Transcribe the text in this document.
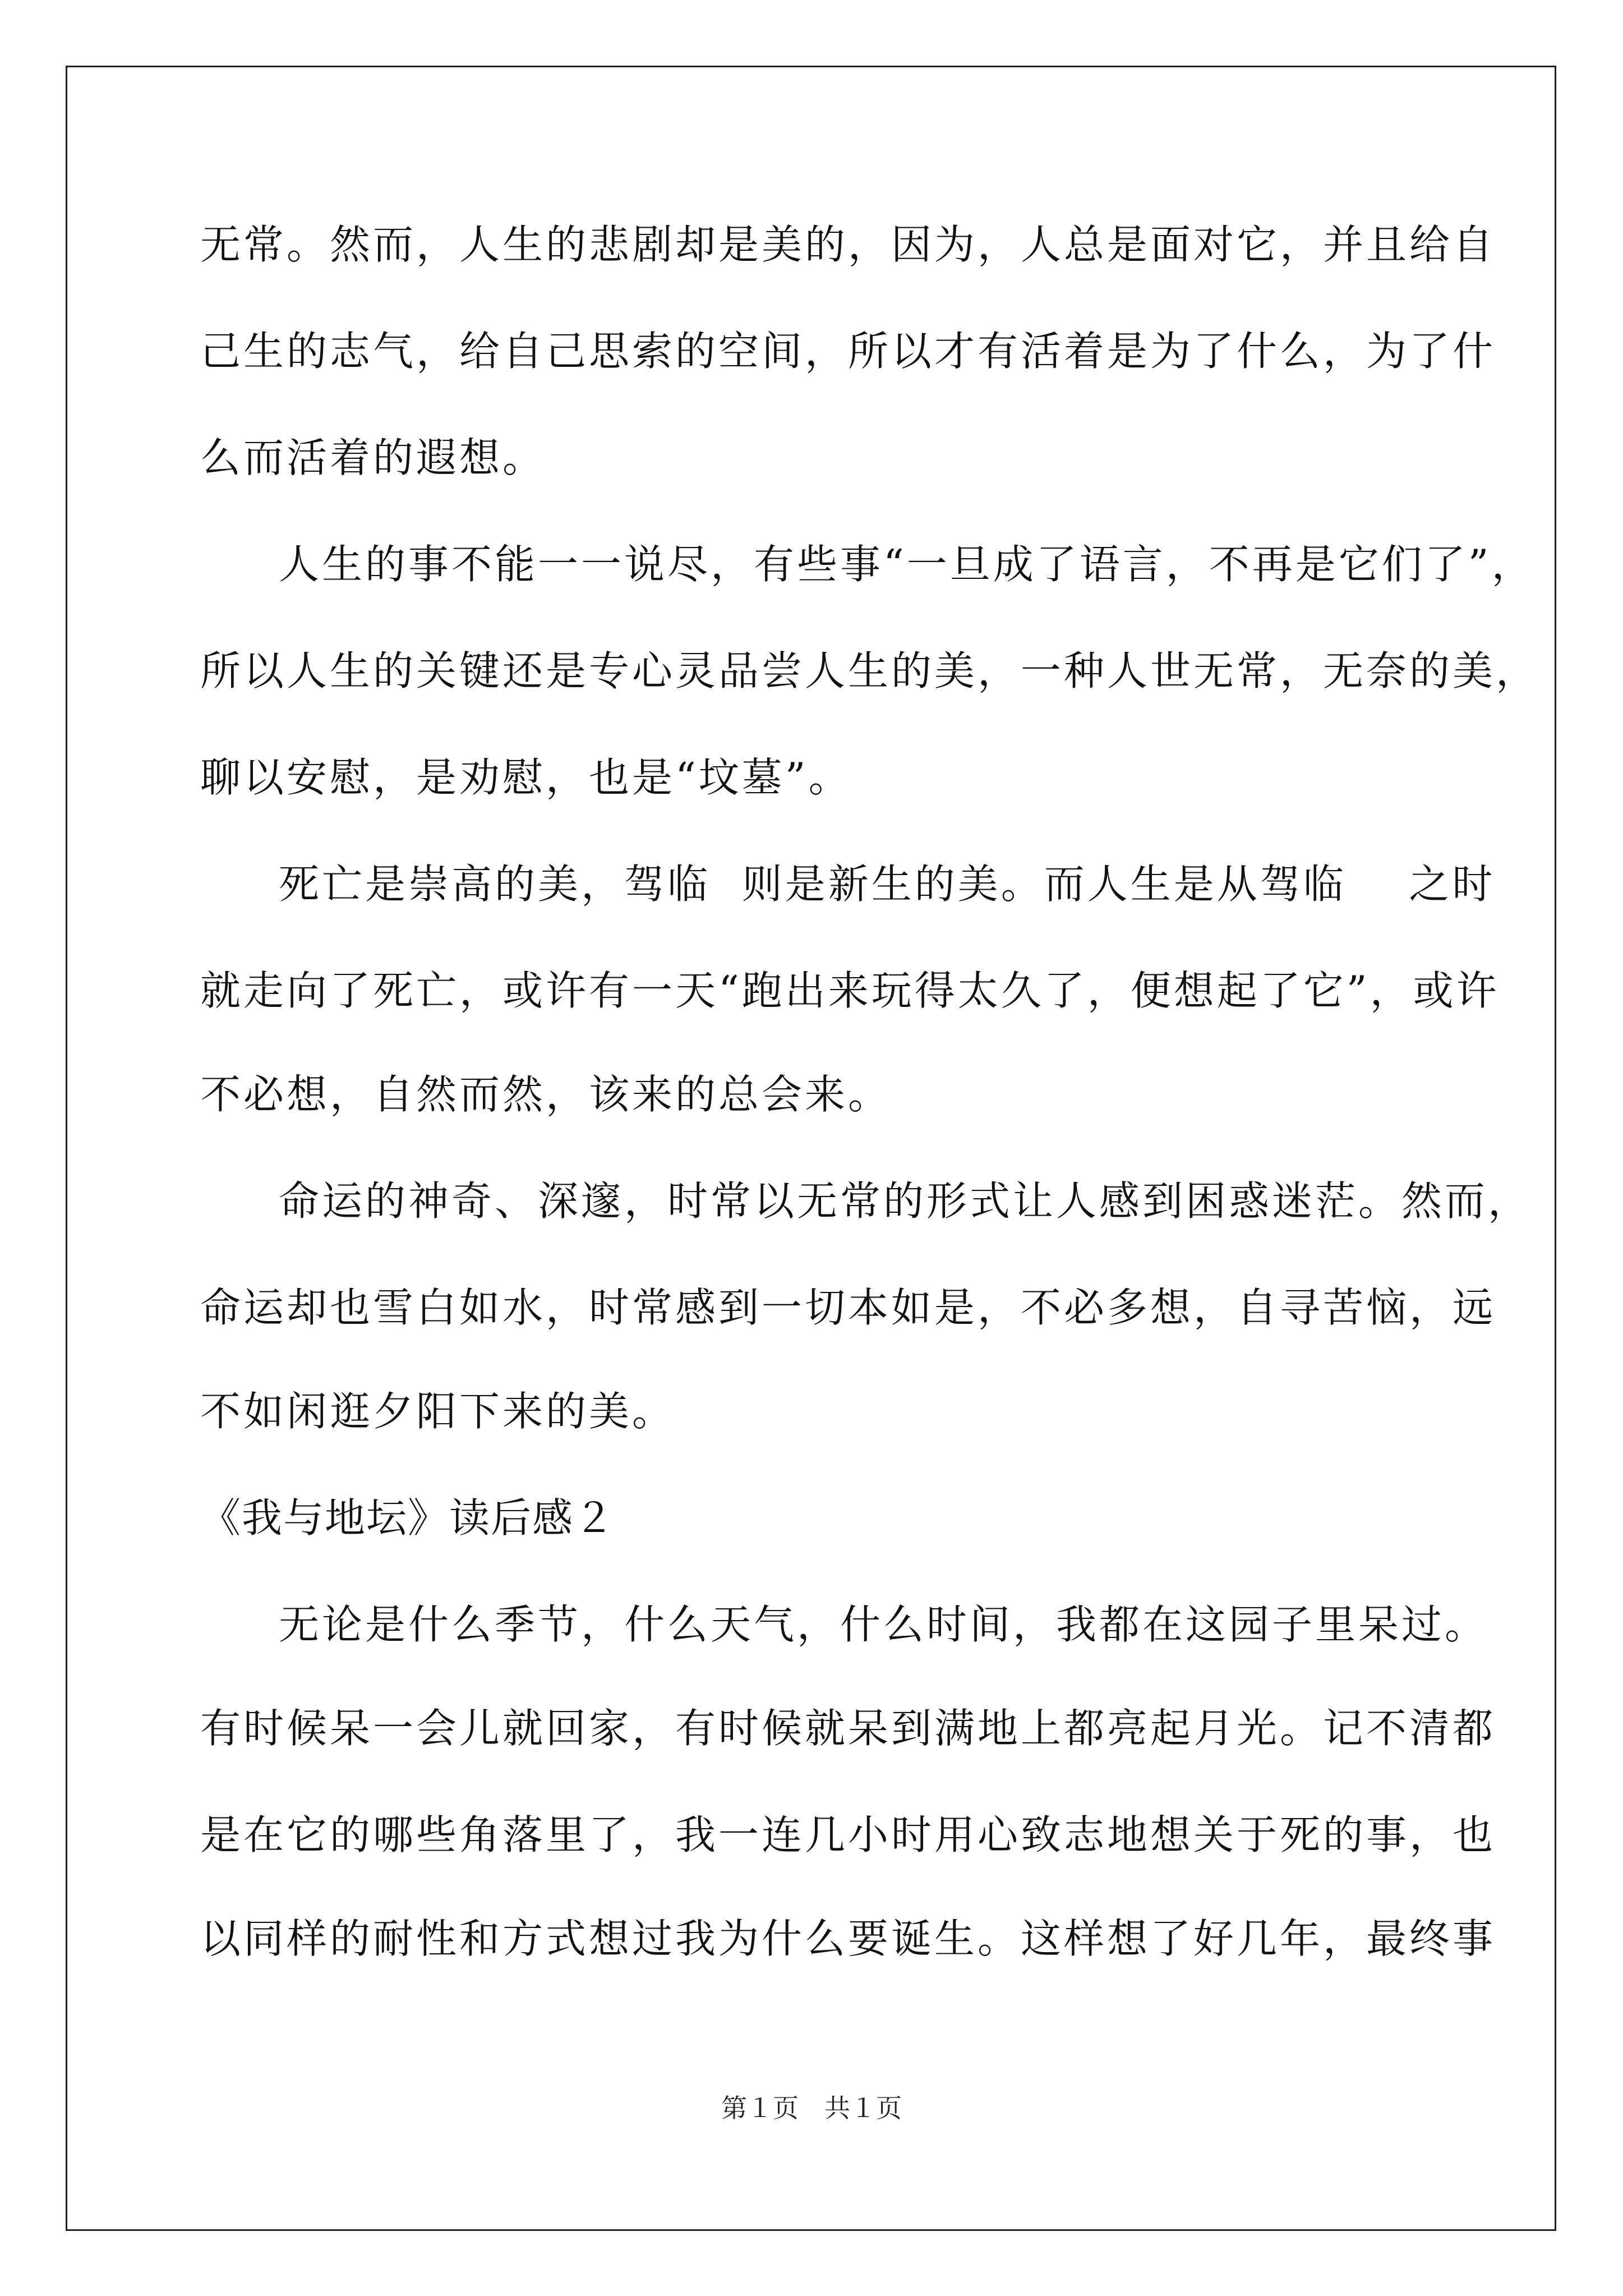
无常。然而，人生的悲剧却是美的，因为，人总是面对它，并且给自
己生的志气，给自己思索的空间，所以才有活着是为了什么，为了什
么而活着的遐想。
人生的事不能一一说尽，有些事“一旦成了语言，不再是它们了”，
所以人生的关键还是专心灵品尝人生的美，一种人世无常，无奈的美，
聊以安慰，是劝慰，也是“坟墓”。
死亡是崇高的美，驾临  则是新生的美。而人生是从驾临    之时
就走向了死亡，或许有一天“跑出来玩得太久了，便想起了它”，或许
不必想，自然而然，该来的总会来。
命运的神奇、深邃，时常以无常的形式让人感到困惑迷茫。然而，
命运却也雪白如水，时常感到一切本如是，不必多想，自寻苦恼，远
不如闲逛夕阳下来的美。
《我与地坛》读后感２
无论是什么季节，什么天气，什么时间，我都在这园子里呆过。
有时候呆一会儿就回家，有时候就呆到满地上都亮起月光。记不清都
是在它的哪些角落里了，我一连几小时用心致志地想关于死的事，也
以同样的耐性和方式想过我为什么要诞生。这样想了好几年，最终事
第１页　共１页
